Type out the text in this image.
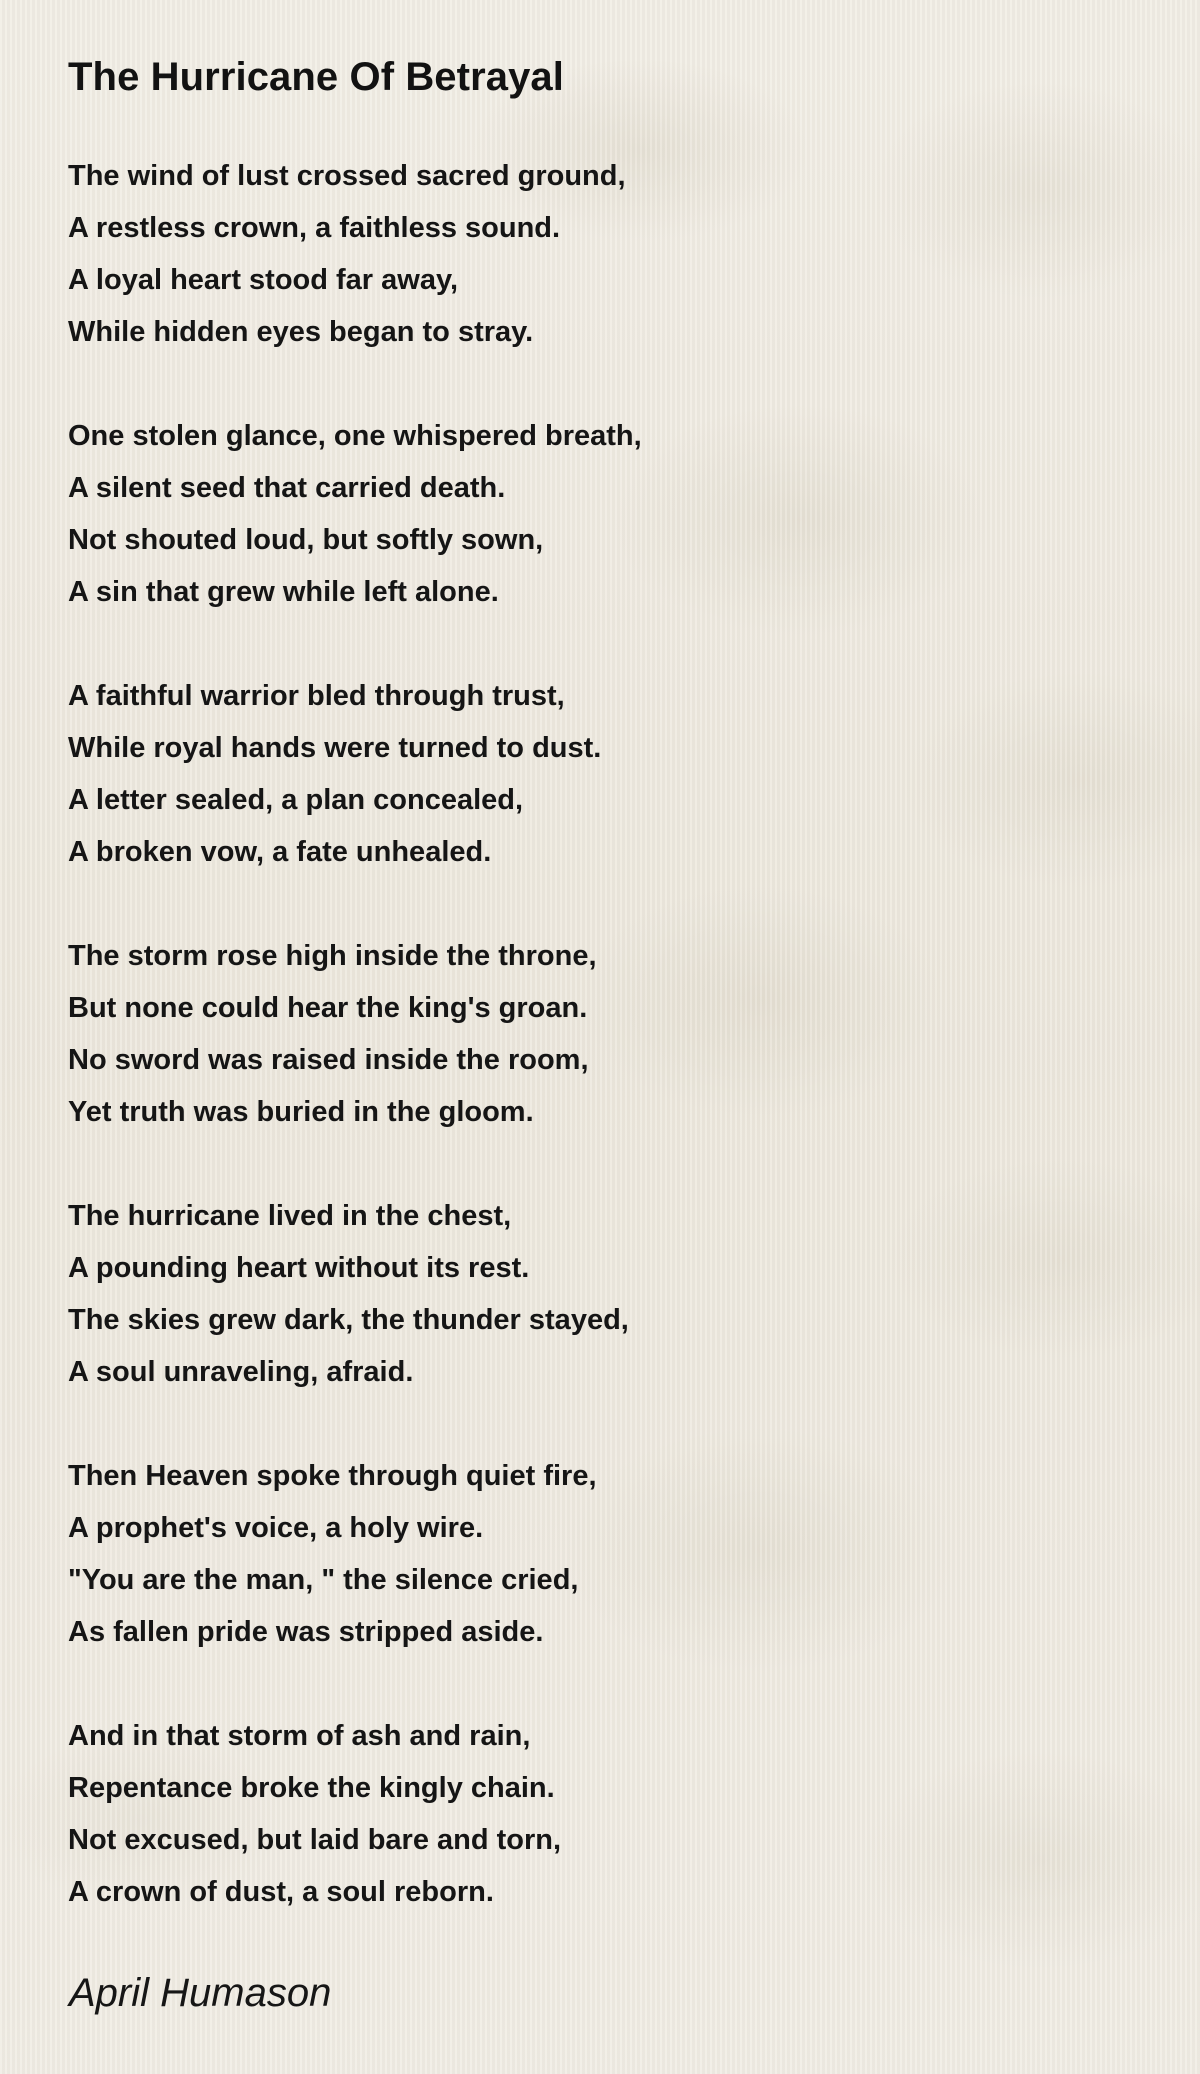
The Hurricane Of Betrayal
The wind of lust crossed sacred ground,
A restless crown, a faithless sound.
A loyal heart stood far away,
While hidden eyes began to stray.
One stolen glance, one whispered breath,
A silent seed that carried death.
Not shouted loud, but softly sown,
A sin that grew while left alone.
A faithful warrior bled through trust,
While royal hands were turned to dust.
A letter sealed, a plan concealed,
A broken vow, a fate unhealed.
The storm rose high inside the throne,
But none could hear the king's groan.
No sword was raised inside the room,
Yet truth was buried in the gloom.
The hurricane lived in the chest,
A pounding heart without its rest.
The skies grew dark, the thunder stayed,
A soul unraveling, afraid.
Then Heaven spoke through quiet fire,
A prophet's voice, a holy wire.
"You are the man, " the silence cried,
As fallen pride was stripped aside.
And in that storm of ash and rain,
Repentance broke the kingly chain.
Not excused, but laid bare and torn,
A crown of dust, a soul reborn.

April Humason
